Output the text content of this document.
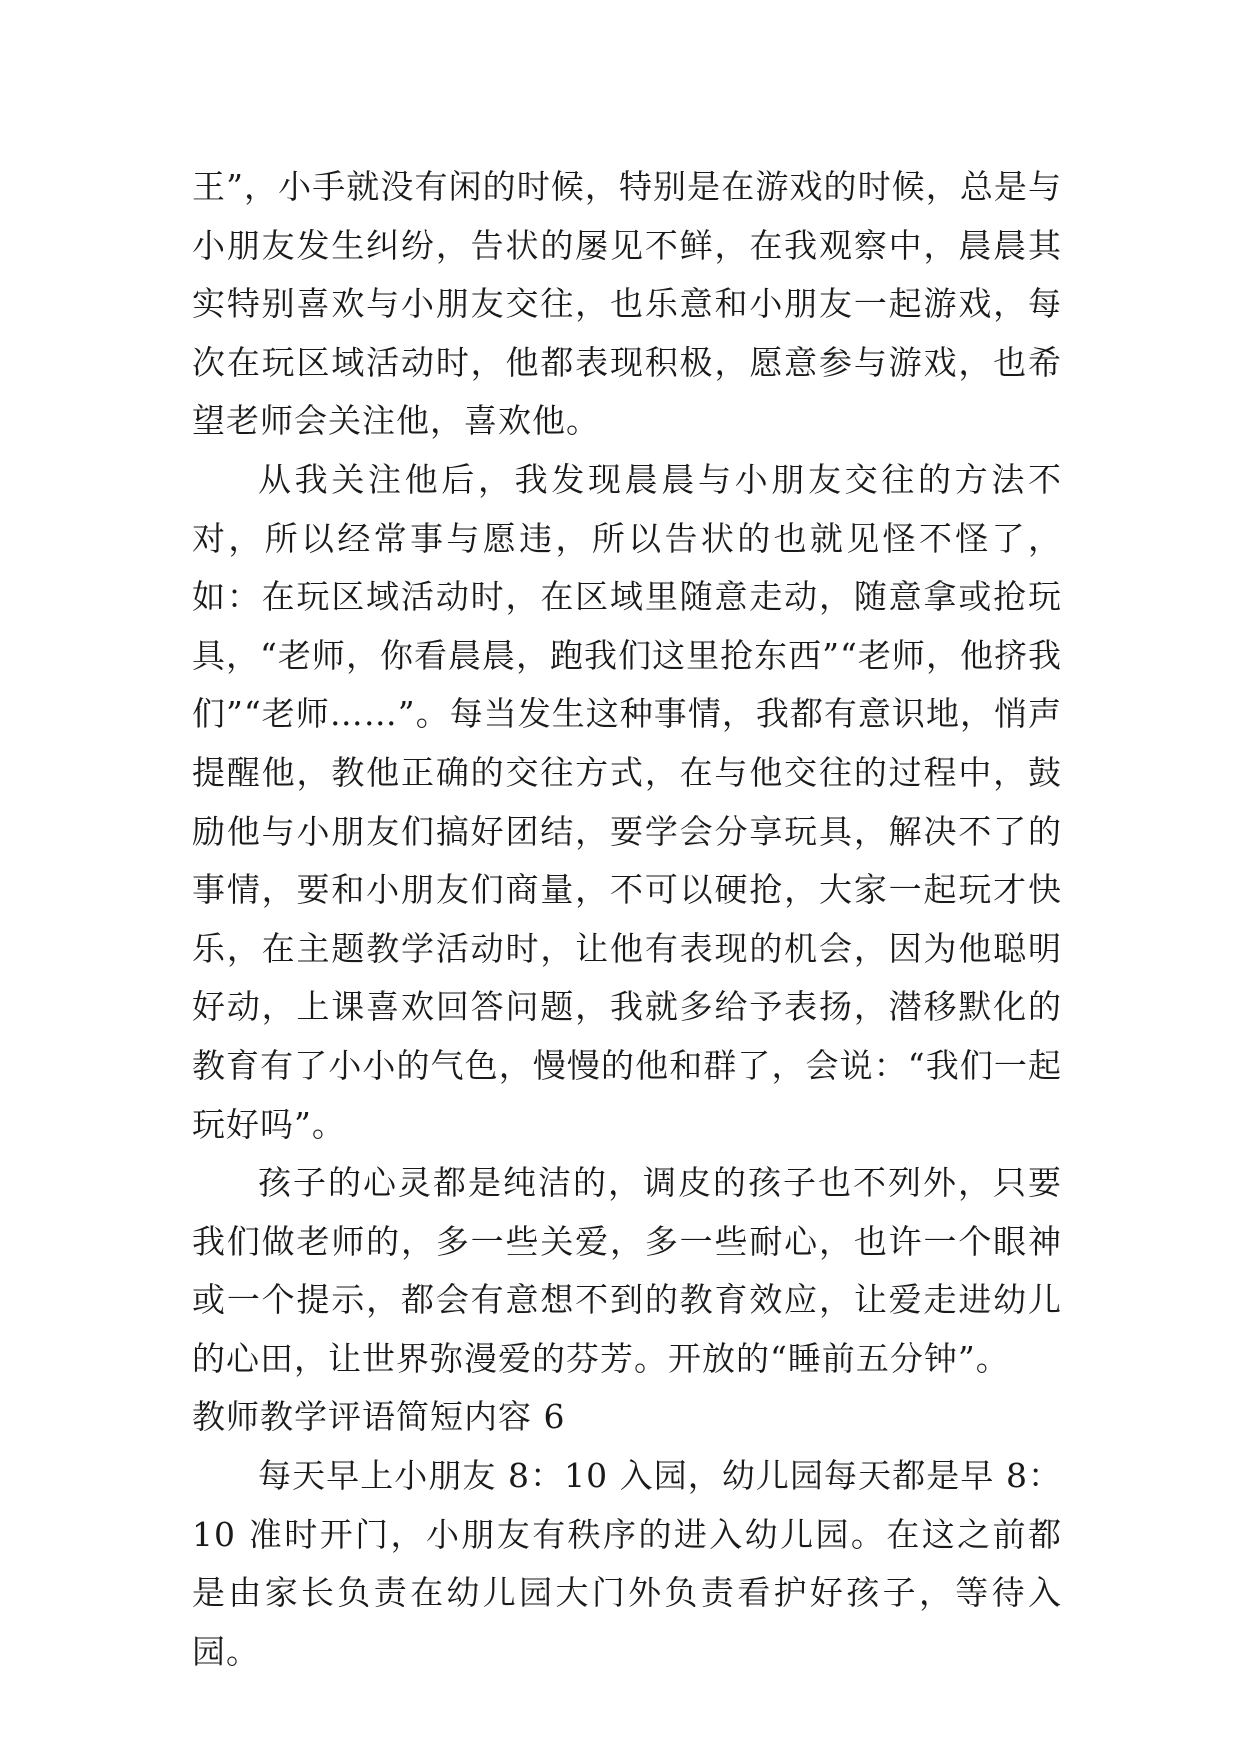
王”，小手就没有闲的时候，特别是在游戏的时候，总是与小朋友发生纠纷，告状的屡见不鲜，在我观察中，晨晨其实特别喜欢与小朋友交往，也乐意和小朋友一起游戏，每次在玩区域活动时，他都表现积极，愿意参与游戏，也希望老师会关注他，喜欢他。

从我关注他后，我发现晨晨与小朋友交往的方法不对，所以经常事与愿违，所以告状的也就见怪不怪了，如：在玩区域活动时，在区域里随意走动，随意拿或抢玩具，“老师，你看晨晨，跑我们这里抢东西”“老师，他挤我们”“老师……”。每当发生这种事情，我都有意识地，悄声提醒他，教他正确的交往方式，在与他交往的过程中，鼓励他与小朋友们搞好团结，要学会分享玩具，解决不了的事情，要和小朋友们商量，不可以硬抢，大家一起玩才快乐，在主题教学活动时，让他有表现的机会，因为他聪明好动，上课喜欢回答问题，我就多给予表扬，潜移默化的教育有了小小的气色，慢慢的他和群了，会说：“我们一起玩好吗”。

孩子的心灵都是纯洁的，调皮的孩子也不列外，只要我们做老师的，多一些关爱，多一些耐心，也许一个眼神或一个提示，都会有意想不到的教育效应，让爱走进幼儿的心田，让世界弥漫爱的芬芳。开放的“睡前五分钟”。

教师教学评语简短内容 6

每天早上小朋友 8：10 入园，幼儿园每天都是早 8：10 准时开门，小朋友有秩序的进入幼儿园。在这之前都是由家长负责在幼儿园大门外负责看护好孩子，等待入园。
